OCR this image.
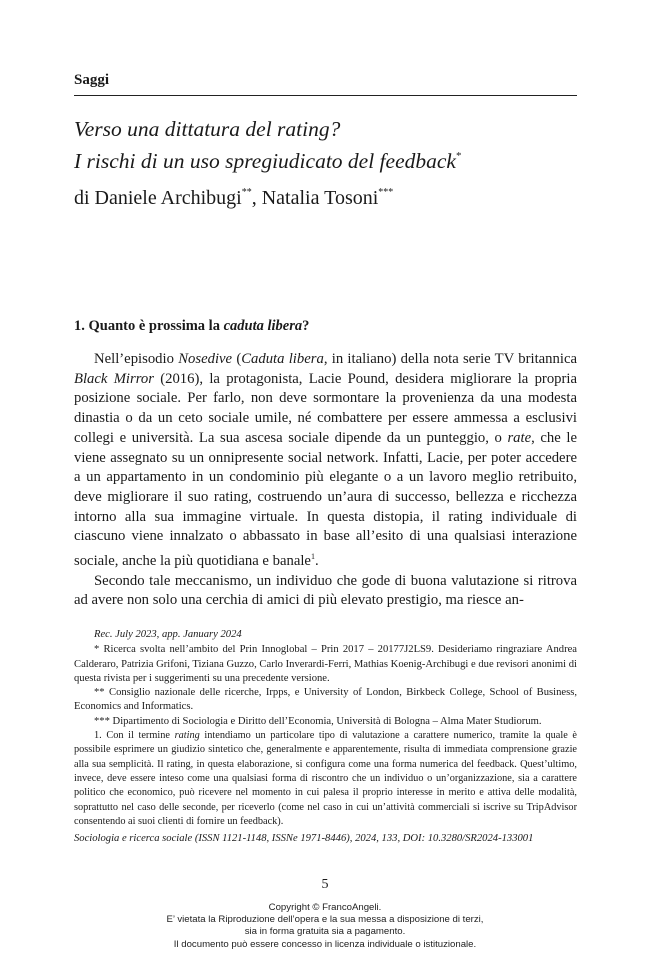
Saggi
Verso una dittatura del rating?
I rischi di un uso spregiudicato del feedback*
di Daniele Archibugi**, Natalia Tosoni***
1. Quanto è prossima la caduta libera?

Nell’episodio Nosedive (Caduta libera, in italiano) della nota serie TV britannica Black Mirror (2016), la protagonista, Lacie Pound, desidera migliorare la propria posizione sociale. Per farlo, non deve sormontare la provenienza da una modesta dinastia o da un ceto sociale umile, né combattere per essere ammessa a esclusivi collegi e università. La sua ascesa sociale dipende da un punteggio, o rate, che le viene assegnato su un onnipresente social network. Infatti, Lacie, per poter accedere a un appartamento in un condominio più elegante o a un lavoro meglio retribuito, deve migliorare il suo rating, costruendo un’aura di successo, bellezza e ricchezza intorno alla sua immagine virtuale. In questa distopia, il rating individuale di ciascuno viene innalzato o abbassato in base all’esito di una qualsiasi interazione sociale, anche la più quotidiana e banale$^1$.

Secondo tale meccanismo, un individuo che gode di buona valutazione si ritrova ad avere non solo una cerchia di amici di più elevato prestigio, ma riesce an-

Rec. July 2023, app. January 2024

* Ricerca svolta nell’ambito del Prin Innoglobal – Prin 2017 – 20177J2LS9. Desideriamo ringraziare Andrea Calderaro, Patrizia Grifoni, Tiziana Guzzo, Carlo Inverardi-Ferri, Mathias Koenig-Archibugi e due revisori anonimi di questa rivista per i suggerimenti su una precedente versione.

** Consiglio nazionale delle ricerche, Irpps, e University of London, Birkbeck College, School of Business, Economics and Informatics.

*** Dipartimento di Sociologia e Diritto dell’Economia, Università di Bologna – Alma Mater Studiorum.

1. Con il termine rating intendiamo un particolare tipo di valutazione a carattere numerico, tramite la quale è possibile esprimere un giudizio sintetico che, generalmente e apparentemente, risulta di immediata comprensione grazie alla sua semplicità. Il rating, in questa elaborazione, si configura come una forma numerica del feedback. Quest’ultimo, invece, deve essere inteso come una qualsiasi forma di riscontro che un individuo o un’organizzazione, sia a carattere politico che economico, può ricevere nel momento in cui palesa il proprio interesse in merito e attiva delle modalità, soprattutto nel caso delle seconde, per riceverlo (come nel caso in cui un’attività commerciali si iscrive su TripAdvisor consentendo ai suoi clienti di fornire un feedback).

Sociologia e ricerca sociale (ISSN 1121-1148, ISSNe 1971-8446), 2024, 133, DOI: 10.3280/SR2024-133001

5
Copyright © FrancoAngeli.
E’ vietata la Riproduzione dell’opera e la sua messa a disposizione di terzi,
sia in forma gratuita sia a pagamento.
Il documento può essere concesso in licenza individuale o istituzionale.
